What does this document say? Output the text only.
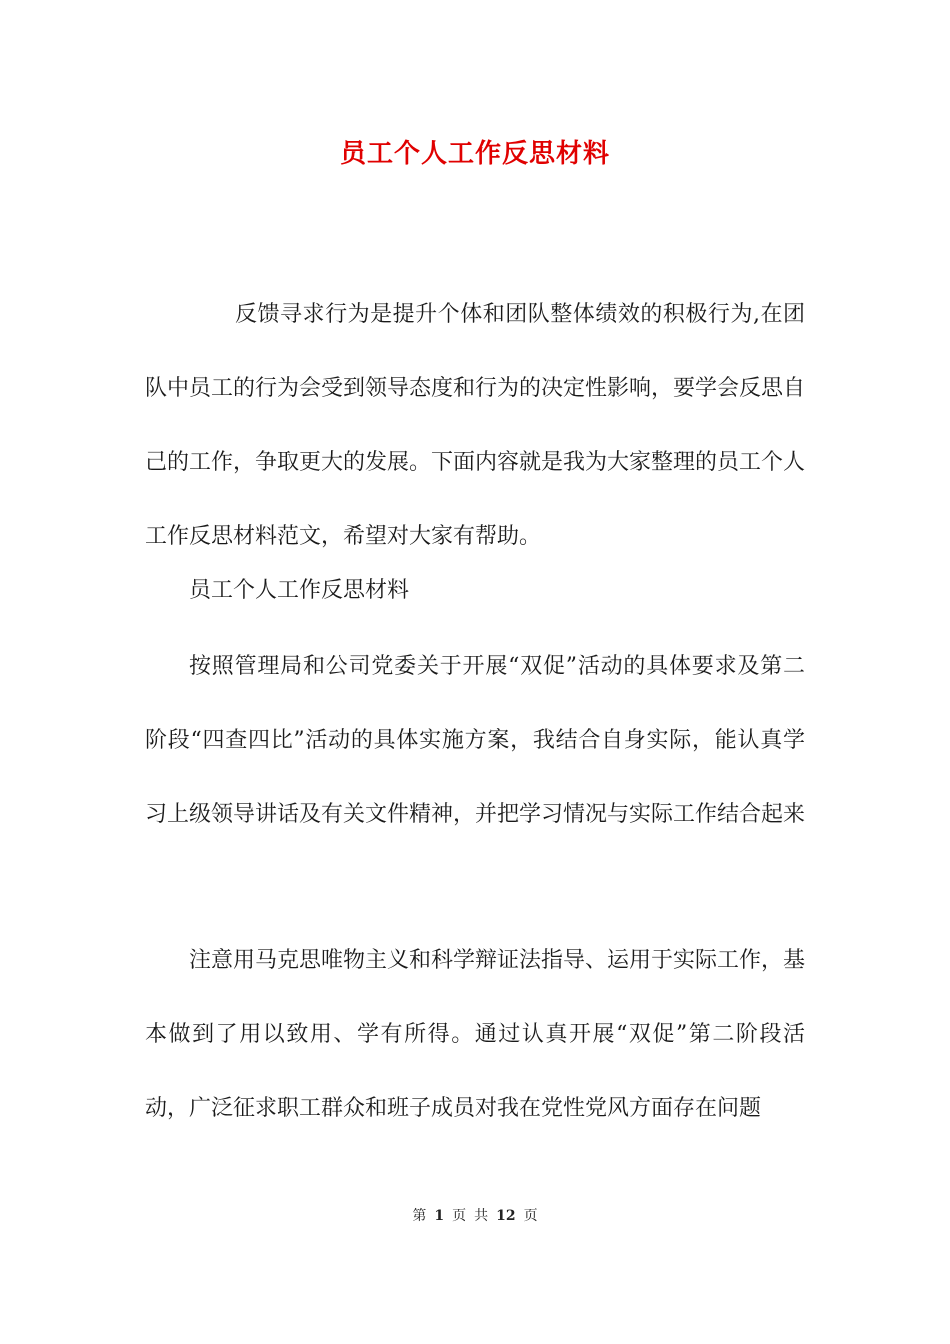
员工个人工作反思材料
反馈寻求行为是提升个体和团队整体绩效的积极行为,在团队中员工的行为会受到领导态度和行为的决定性影响，要学会反思自己的工作，争取更大的发展。下面内容就是我为大家整理的员工个人工作反思材料范文，希望对大家有帮助。
员工个人工作反思材料
按照管理局和公司党委关于开展“双促”活动的具体要求及第二阶段“四查四比”活动的具体实施方案，我结合自身实际，能认真学习上级领导讲话及有关文件精神，并把学习情况与实际工作结合起来
注意用马克思唯物主义和科学辩证法指导、运用于实际工作，基本做到了用以致用、学有所得。通过认真开展“双促”第二阶段活动，广泛征求职工群众和班子成员对我在党性党风方面存在问题
第 1 页 共 12 页
